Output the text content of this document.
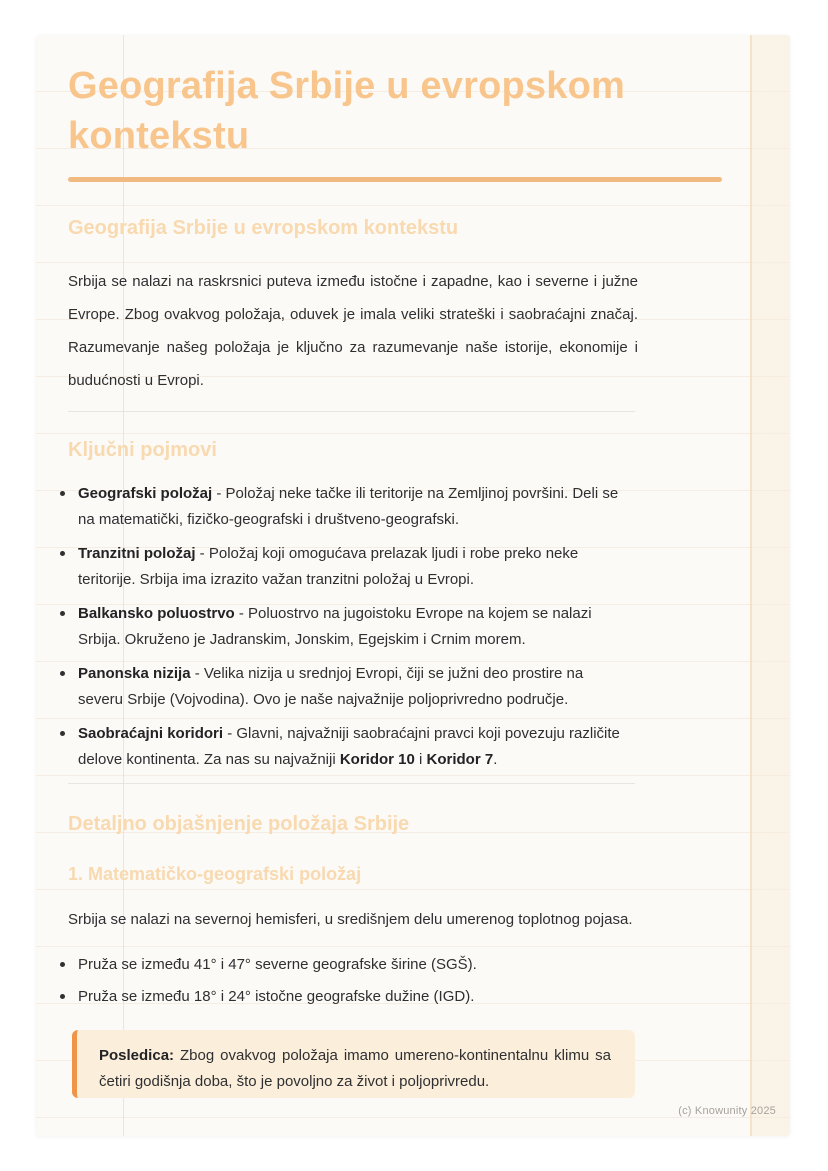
Geografija Srbije u evropskom kontekstu
Geografija Srbije u evropskom kontekstu

Srbija se nalazi na raskrsnici puteva između istočne i zapadne, kao i severne i južne Evrope. Zbog ovakvog položaja, oduvek je imala veliki strateški i saobraćajni značaj. Razumevanje našeg položaja je ključno za razumevanje naše istorije, ekonomije i budućnosti u Evropi.

Ključni pojmovi
Geografski položaj - Položaj neke tačke ili teritorije na Zemljinoj površini. Deli se na matematički, fizičko-geografski i društveno-geografski.
Tranzitni položaj - Položaj koji omogućava prelazak ljudi i robe preko neke teritorije. Srbija ima izrazito važan tranzitni položaj u Evropi.
Balkansko poluostrvo - Poluostrvo na jugoistoku Evrope na kojem se nalazi Srbija. Okruženo je Jadranskim, Jonskim, Egejskim i Crnim morem.
Panonska nizija - Velika nizija u srednjoj Evropi, čiji se južni deo prostire na severu Srbije (Vojvodina). Ovo je naše najvažnije poljoprivredno područje.
Saobraćajni koridori - Glavni, najvažniji saobraćajni pravci koji povezuju različite delove kontinenta. Za nas su najvažniji Koridor 10 i Koridor 7.
Detaljno objašnjenje položaja Srbije
1. Matematičko-geografski položaj

Srbija se nalazi na severnoj hemisferi, u središnjem delu umerenog toplotnog pojasa.

Pruža se između 41° i 47° severne geografske širine (SGŠ).
Pruža se između 18° i 24° istočne geografske dužine (IGD).
Posledica: Zbog ovakvog položaja imamo umereno-kontinentalnu klimu sa četiri godišnja doba, što je povoljno za život i poljoprivredu.
(c) Knowunity 2025
